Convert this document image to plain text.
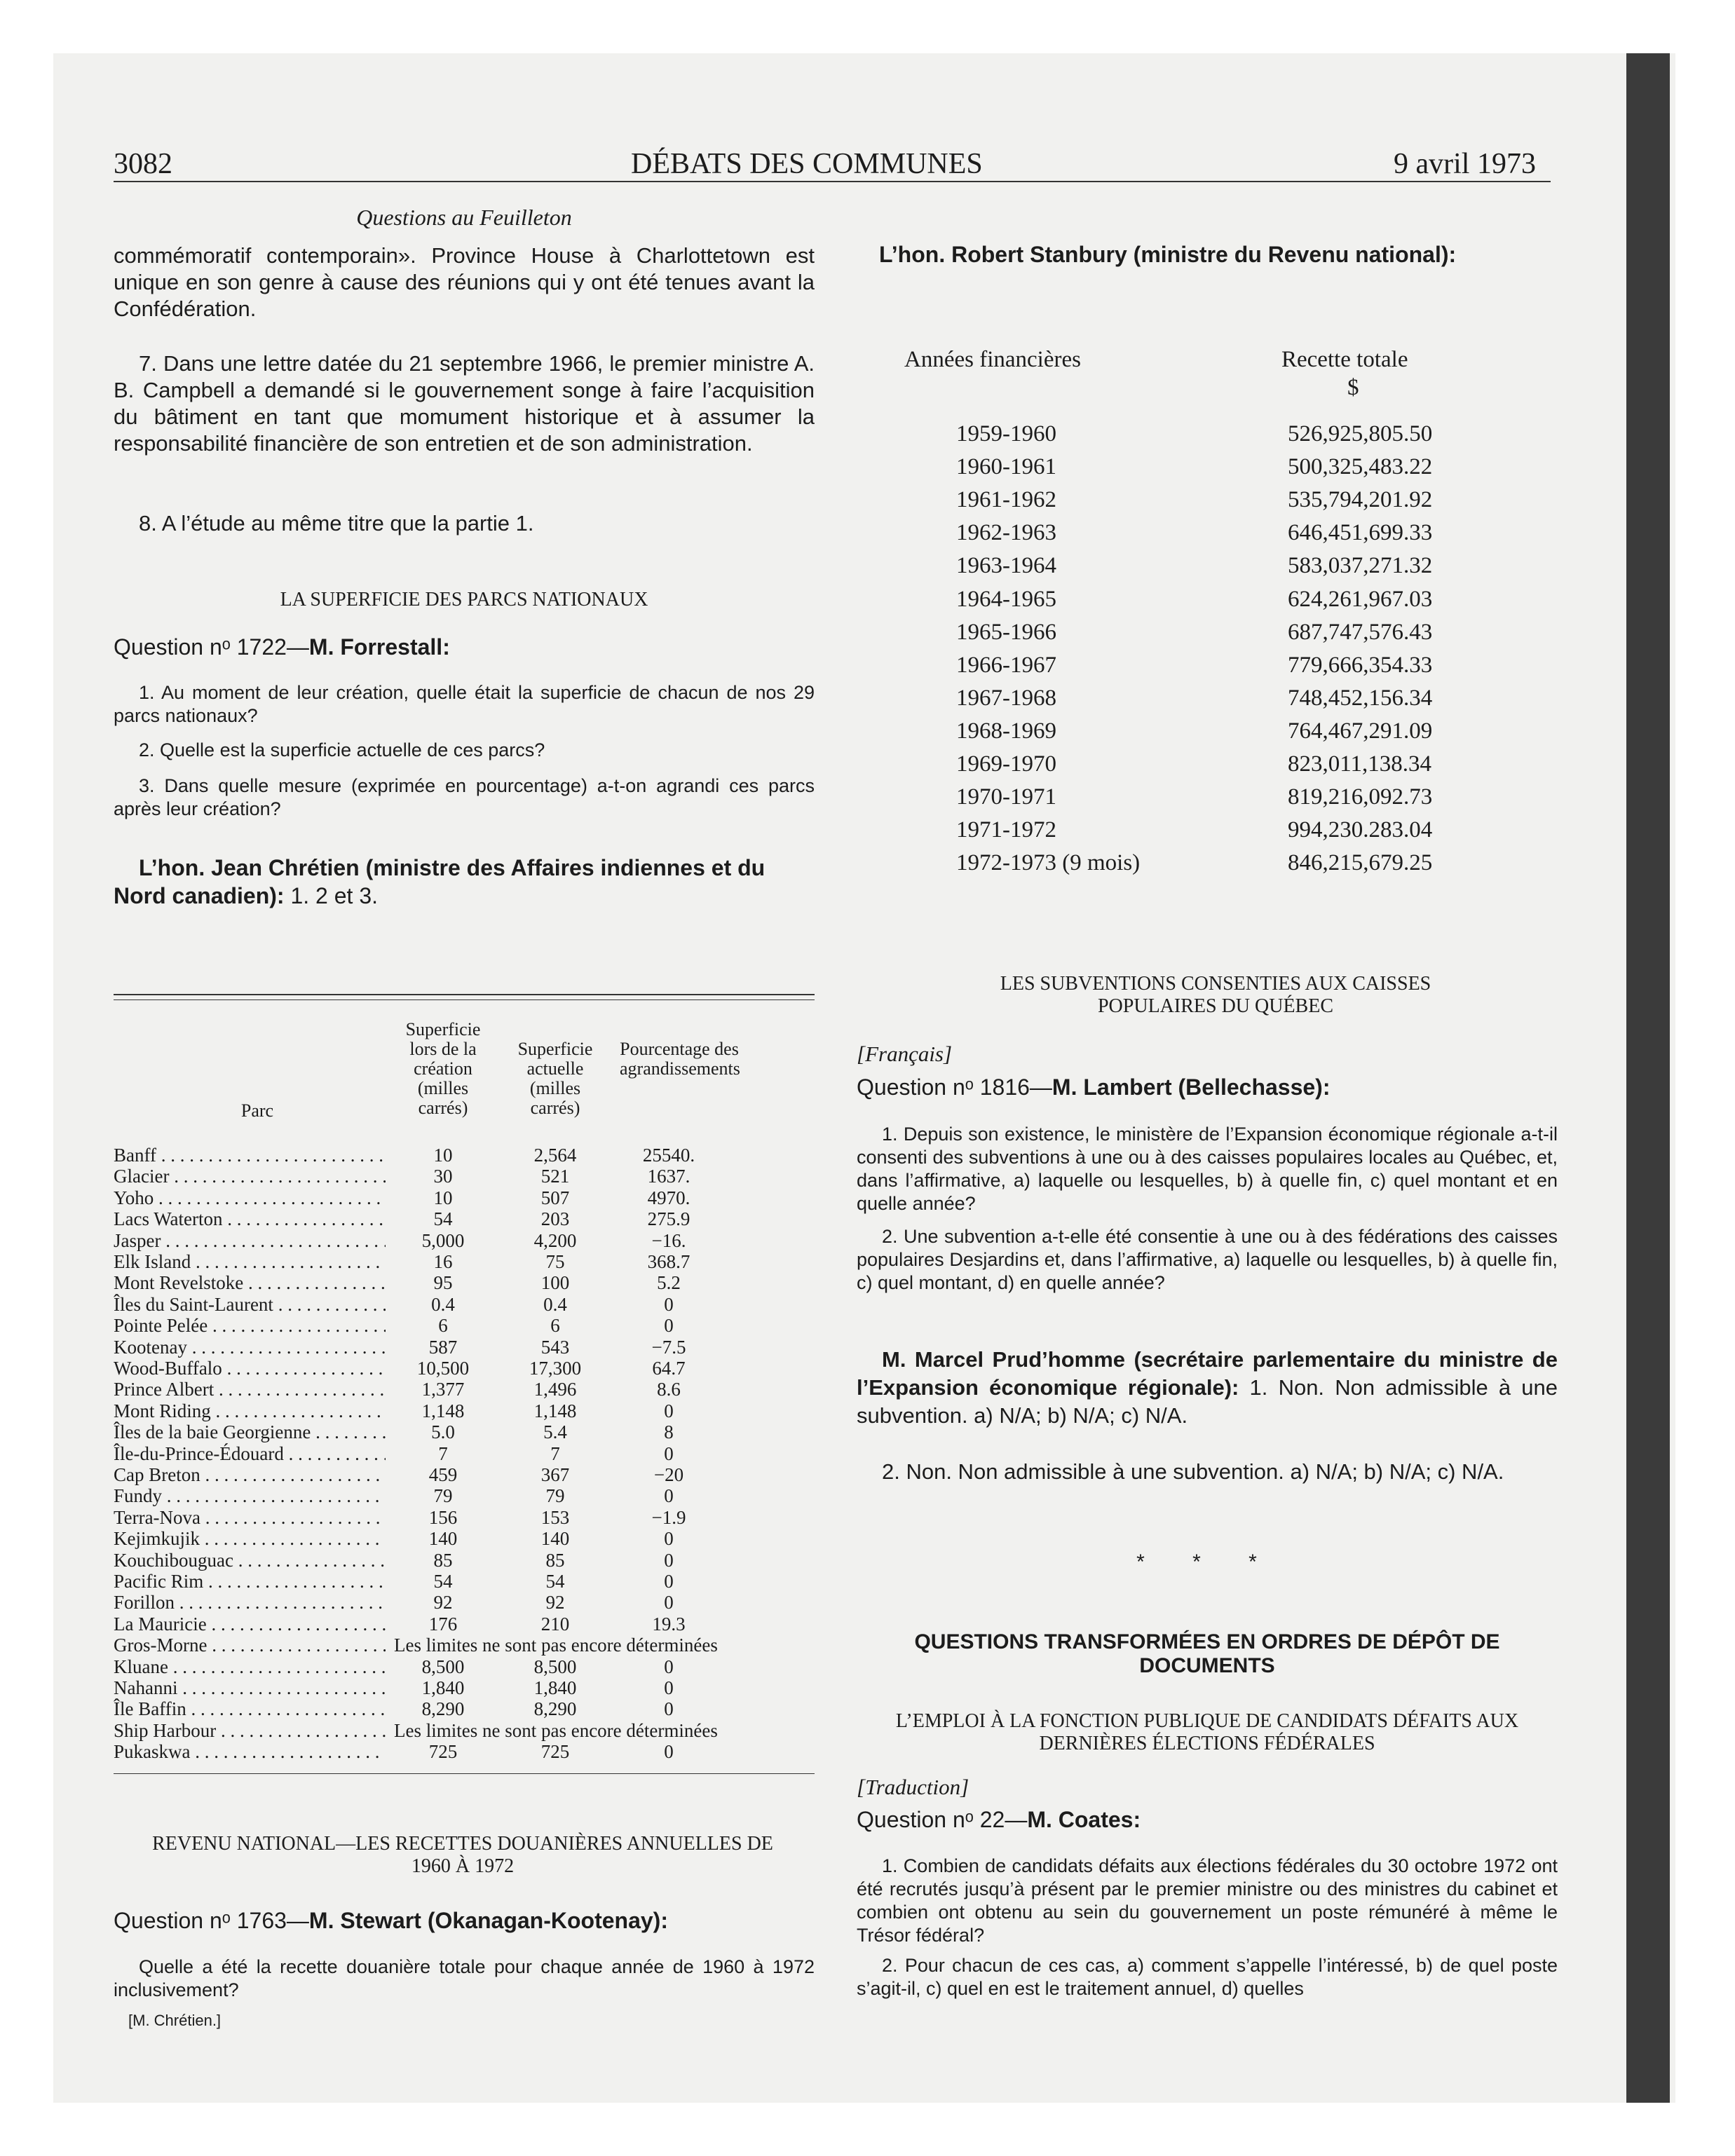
3082	DÉBATS DES COMMUNES	9 avril 1973
Questions au Feuilleton
commémoratif contemporain». Province House à Charlottetown est unique en son genre à cause des réunions qui y ont été tenues avant la Confédération.
7. Dans une lettre datée du 21 septembre 1966, le premier ministre A. B. Campbell a demandé si le gouvernement songe à faire l’acquisition du bâtiment en tant que momument historique et à assumer la responsabilité financière de son entretien et de son administration.
8. A l’étude au même titre que la partie 1.
LA SUPERFICIE DES PARCS NATIONAUX
Question nᵒ 1722—M. Forrestall:
1. Au moment de leur création, quelle était la superficie de chacun de nos 29 parcs nationaux?
2. Quelle est la superficie actuelle de ces parcs?
3. Dans quelle mesure (exprimée en pourcentage) a-t-on agrandi ces parcs après leur création?
L’hon. Jean Chrétien (ministre des Affaires indiennes et du Nord canadien): 1. 2 et 3.
Parc
Superficie lors de la création (milles carrés)
Superficie actuelle (milles carrés)
Pourcentage des agrandissements
Banff . . .	10	2,564	25540.
Glacier . . .	30	521	1637.
Yoho . . .	10	507	4970.
Lacs Waterton . . .	54	203	275.9
Jasper . . .	5,000	4,200	−16.
Elk Island . . .	16	75	368.7
Mont Revelstoke . . .	95	100	5.2
Îles du Saint-Laurent . . .	0.4	0.4	0
Pointe Pelée . . .	6	6	0
Kootenay . . .	587	543	−7.5
Wood-Buffalo . . .	10,500	17,300	64.7
Prince Albert . . .	1,377	1,496	8.6
Mont Riding . . .	1,148	1,148	0
Îles de la baie Georgienne . . .	5.0	5.4	8
Île-du-Prince-Édouard . . .	7	7	0
Cap Breton . . .	459	367	−20
Fundy . . .	79	79	0
Terra-Nova . . .	156	153	−1.9
Kejimkujik . . .	140	140	0
Kouchibouguac . . .	85	85	0
Pacific Rim . . .	54	54	0
Forillon . . .	92	92	0
La Mauricie . . .	176	210	19.3
Gros-Morne . . .	Les limites ne sont pas encore déterminées
Kluane . . .	8,500	8,500	0
Nahanni . . .	1,840	1,840	0
Île Baffin . . .	8,290	8,290	0
Ship Harbour . . .	Les limites ne sont pas encore déterminées
Pukaskwa . . .	725	725	0
REVENU NATIONAL—LES RECETTES DOUANIÈRES ANNUELLES DE 1960 À 1972
Question nᵒ 1763—M. Stewart (Okanagan-Kootenay):
Quelle a été la recette douanière totale pour chaque année de 1960 à 1972 inclusivement?
[M. Chrétien.]
L’hon. Robert Stanbury (ministre du Revenu national):
Années financières	Recette totale
$
1959-1960	526,925,805.50
1960-1961	500,325,483.22
1961-1962	535,794,201.92
1962-1963	646,451,699.33
1963-1964	583,037,271.32
1964-1965	624,261,967.03
1965-1966	687,747,576.43
1966-1967	779,666,354.33
1967-1968	748,452,156.34
1968-1969	764,467,291.09
1969-1970	823,011,138.34
1970-1971	819,216,092.73
1971-1972	994,230.283.04
1972-1973 (9 mois)	846,215,679.25
LES SUBVENTIONS CONSENTIES AUX CAISSES POPULAIRES DU QUÉBEC
[Français]
Question nᵒ 1816—M. Lambert (Bellechasse):
1. Depuis son existence, le ministère de l’Expansion économique régionale a-t-il consenti des subventions à une ou à des caisses populaires locales au Québec, et, dans l’affirmative, a) laquelle ou lesquelles, b) à quelle fin, c) quel montant et en quelle année?
2. Une subvention a-t-elle été consentie à une ou à des fédérations des caisses populaires Desjardins et, dans l’affirmative, a) laquelle ou lesquelles, b) à quelle fin, c) quel montant, d) en quelle année?
M. Marcel Prud’homme (secrétaire parlementaire du ministre de l’Expansion économique régionale): 1. Non. Non admissible à une subvention. a) N/A; b) N/A; c) N/A.
2. Non. Non admissible à une subvention. a) N/A; b) N/A; c) N/A.
* * *
QUESTIONS TRANSFORMÉES EN ORDRES DE DÉPÔT DE DOCUMENTS
L’EMPLOI À LA FONCTION PUBLIQUE DE CANDIDATS DÉFAITS AUX DERNIÈRES ÉLECTIONS FÉDÉRALES
[Traduction]
Question nᵒ 22—M. Coates:
1. Combien de candidats défaits aux élections fédérales du 30 octobre 1972 ont été recrutés jusqu’à présent par le premier ministre ou des ministres du cabinet et combien ont obtenu au sein du gouvernement un poste rémunéré à même le Trésor fédéral?
2. Pour chacun de ces cas, a) comment s’appelle l’intéressé, b) de quel poste s’agit-il, c) quel en est le traitement annuel, d) quelles
